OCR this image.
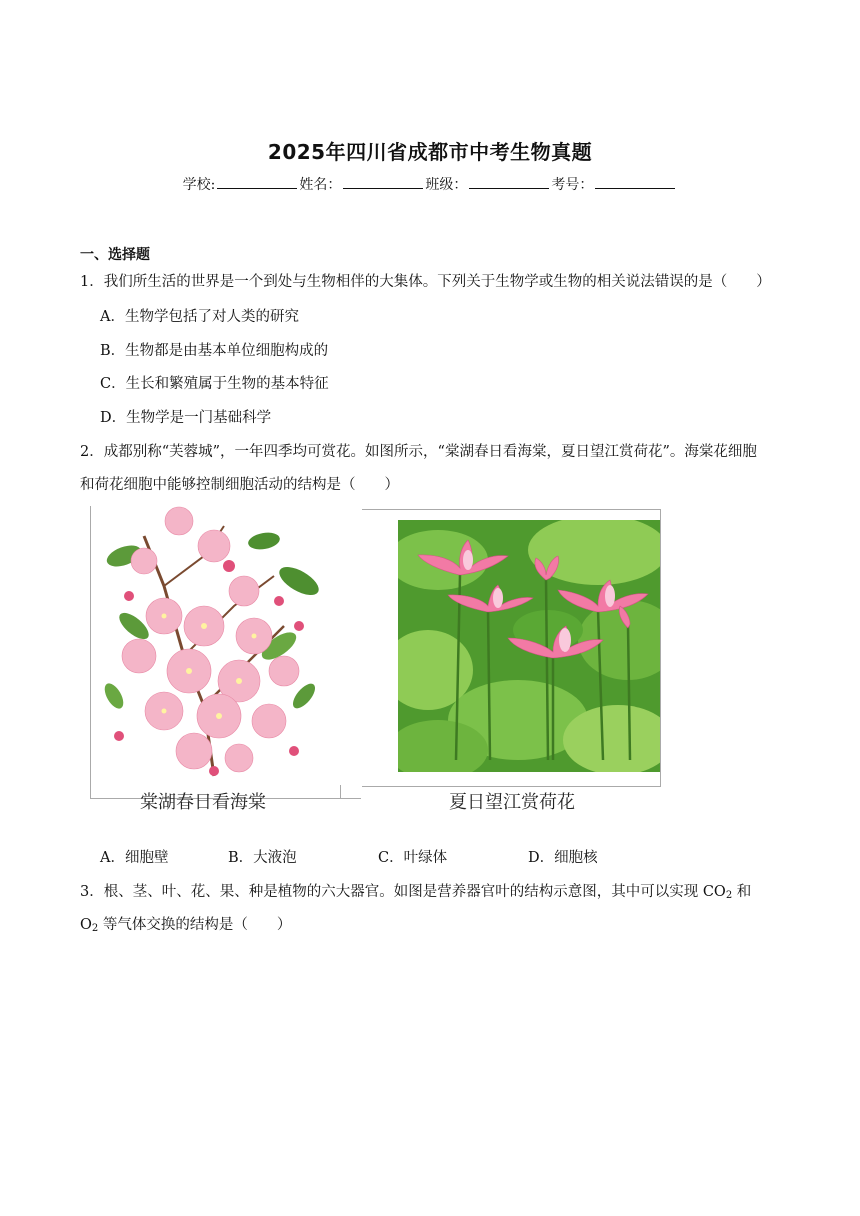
2025年四川省成都市中考生物真题
学校:	姓名：	班级：	考号：
一、选择题
1．我们所生活的世界是一个到处与生物相伴的大集体。下列关于生物学或生物的相关说法错误的是（　　）
A．生物学包括了对人类的研究
B．生物都是由基本单位细胞构成的
C．生长和繁殖属于生物的基本特征
D．生物学是一门基础科学
2．成都别称“芙蓉城”，一年四季均可赏花。如图所示，“棠湖春日看海棠，夏日望江赏荷花”。海棠花细胞
和荷花细胞中能够控制细胞活动的结构是（　　）
棠湖春日看海棠	夏日望江赏荷花
A．细胞壁	B．大液泡	C．叶绿体	D．细胞核
3．根、茎、叶、花、果、种是植物的六大器官。如图是营养器官叶的结构示意图，其中可以实现 $CO_2$ 和
$O_2$ 等气体交换的结构是（　　）
